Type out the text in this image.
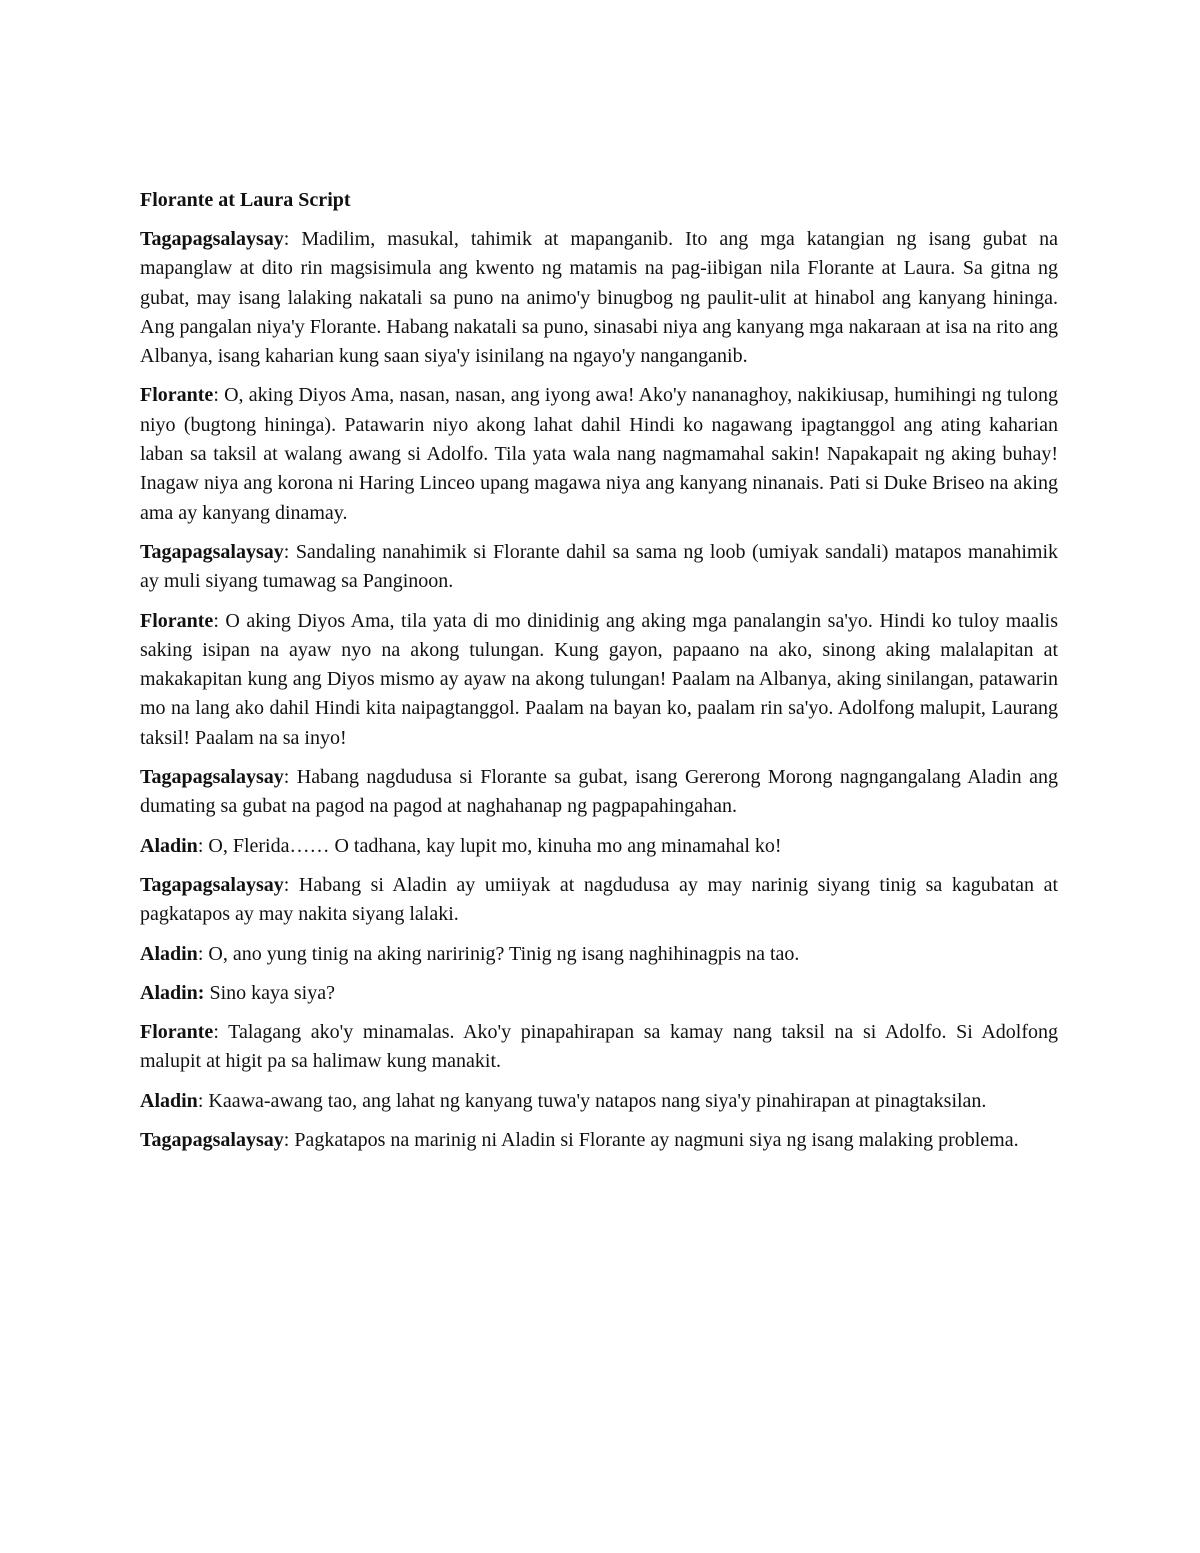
Florante at Laura Script

Tagapagsalaysay: Madilim, masukal, tahimik at mapanganib. Ito ang mga katangian ng isang gubat na mapanglaw at dito rin magsisimula ang kwento ng matamis na pag-iibigan nila Florante at Laura. Sa gitna ng gubat, may isang lalaking nakatali sa puno na animo'y binugbog ng paulit-ulit at hinabol ang kanyang hininga. Ang pangalan niya'y Florante. Habang nakatali sa puno, sinasabi niya ang kanyang mga nakaraan at isa na rito ang Albanya, isang kaharian kung saan siya'y isinilang na ngayo'y nanganganib.

Florante: O, aking Diyos Ama, nasan, nasan, ang iyong awa! Ako'y nananaghoy, nakikiusap, humihingi ng tulong niyo (bugtong hininga). Patawarin niyo akong lahat dahil Hindi ko nagawang ipagtanggol ang ating kaharian laban sa taksil at walang awang si Adolfo. Tila yata wala nang nagmamahal sakin! Napakapait ng aking buhay! Inagaw niya ang korona ni Haring Linceo upang magawa niya ang kanyang ninanais. Pati si Duke Briseo na aking ama ay kanyang dinamay.

Tagapagsalaysay: Sandaling nanahimik si Florante dahil sa sama ng loob (umiyak sandali) matapos manahimik ay muli siyang tumawag sa Panginoon.

Florante: O aking Diyos Ama, tila yata di mo dinidinig ang aking mga panalangin sa'yo. Hindi ko tuloy maalis saking isipan na ayaw nyo na akong tulungan. Kung gayon, papaano na ako, sinong aking malalapitan at makakapitan kung ang Diyos mismo ay ayaw na akong tulungan! Paalam na Albanya, aking sinilangan, patawarin mo na lang ako dahil Hindi kita naipagtanggol. Paalam na bayan ko, paalam rin sa'yo. Adolfong malupit, Laurang taksil! Paalam na sa inyo!

Tagapagsalaysay: Habang nagdudusa si Florante sa gubat, isang Gererong Morong nagngangalang Aladin ang dumating sa gubat na pagod na pagod at naghahanap ng pagpapahingahan.

Aladin: O, Flerida…… O tadhana, kay lupit mo, kinuha mo ang minamahal ko!

Tagapagsalaysay: Habang si Aladin ay umiiyak at nagdudusa ay may narinig siyang tinig sa kagubatan at pagkatapos ay may nakita siyang lalaki.

Aladin: O, ano yung tinig na aking naririnig? Tinig ng isang naghihinagpis na tao.

Aladin: Sino kaya siya?

Florante: Talagang ako'y minamalas. Ako'y pinapahirapan sa kamay nang taksil na si Adolfo. Si Adolfong malupit at higit pa sa halimaw kung manakit.

Aladin: Kaawa-awang tao, ang lahat ng kanyang tuwa'y natapos nang siya'y pinahirapan at pinagtaksilan.

Tagapagsalaysay: Pagkatapos na marinig ni Aladin si Florante ay nagmuni siya ng isang malaking problema.
